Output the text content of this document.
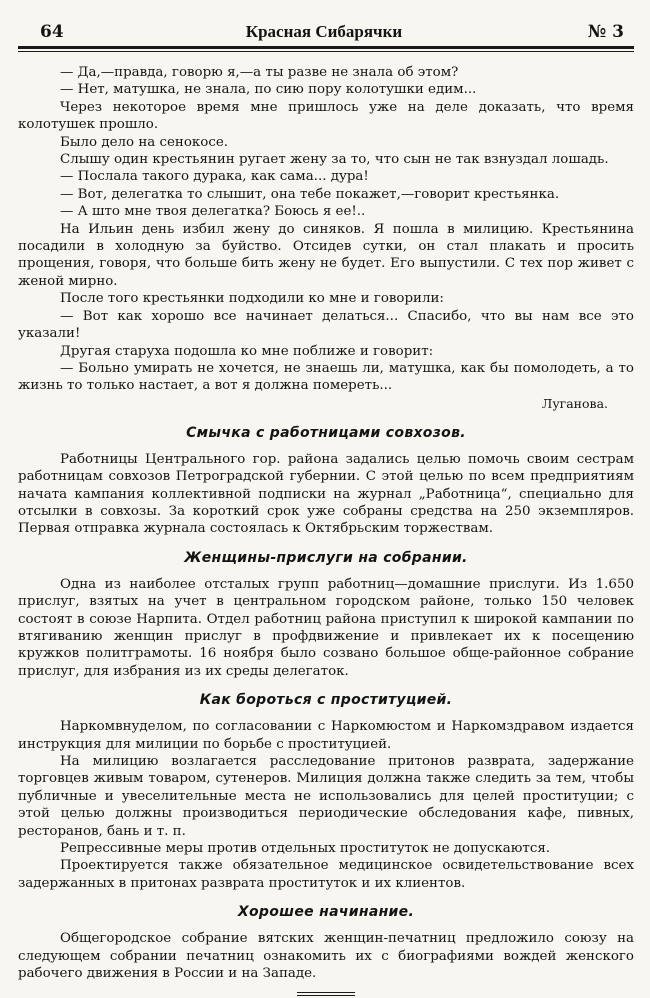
64	Красная Сибарячки	№ 3

— Да,—правда, говорю я,—а ты разве не знала об этом?

— Нет, матушка, не знала, по сию пору колотушки едим...

Через некоторое время мне пришлось уже на деле доказать, что время колотушек прошло.

Было дело на сенокосе.

Слышу один крестьянин ругает жену за то, что сын не так взнуздал лошадь.

— Послала такого дурака, как сама... дура!

— Вот, делегатка то слышит, она тебе покажет,—говорит крестьянка.

— А што мне твоя делегатка? Боюсь я ее!..

На Ильин день избил жену до синяков. Я пошла в милицию. Крестьянина посадили в холодную за буйство. Отсидев сутки, он стал плакать и просить прощения, говоря, что больше бить жену не будет. Его выпустили. С тех пор живет с женой мирно.

После того крестьянки подходили ко мне и говорили:

— Вот как хорошо все начинает делаться... Спасибо, что вы нам все это указали!

Другая старуха подошла ко мне поближе и говорит:

— Больно умирать не хочется, не знаешь ли, матушка, как бы помолодеть, а то жизнь то только настает, а вот я должна помереть...

Луганова.
Смычка с работницами совхозов.

Работницы Центрального гор. района задались целью помочь своим сестрам работницам совхозов Петроградской губернии. С этой целью по всем предприятиям начата кампания коллективной подписки на журнал „Работница“, специально для отсылки в совхозы. За короткий срок уже собраны средства на 250 экземпляров. Первая отправка журнала состоялась к Октябрьским торжествам.

Женщины-прислуги на собрании.

Одна из наиболее отсталых групп работниц—домашние прислуги. Из 1.650 прислуг, взятых на учет в центральном городском районе, только 150 человек состоят в союзе Нарпита. Отдел работниц района приступил к широкой кампании по втягиванию женщин прислуг в профдвижение и привлекает их к посещению кружков политграмоты. 16 ноября было созвано большое обще-районное собрание прислуг, для избрания из их среды делегаток.

Как бороться с проституцией.

Наркомвнуделом, по согласовании с Наркомюстом и Наркомздравом издается инструкция для милиции по борьбе с проституцией.

На милицию возлагается расследование притонов разврата, задержание торговцев живым товаром, сутенеров. Милиция должна также следить за тем, чтобы публичные и увеселительные места не использовались для целей проституции; с этой целью должны производиться периодические обследования кафе, пивных, ресторанов, бань и т. п.

Репрессивные меры против отдельных проституток не допускаются.

Проектируется также обязательное медицинское освидетельствование всех задержанных в притонах разврата проституток и их клиентов.

Хорошее начинание.

Общегородское собрание вятских женщин-печатниц предложило союзу на следующем собрании печатниц ознакомить их с биографиями вождей женского рабочего движения в России и на Западе.
